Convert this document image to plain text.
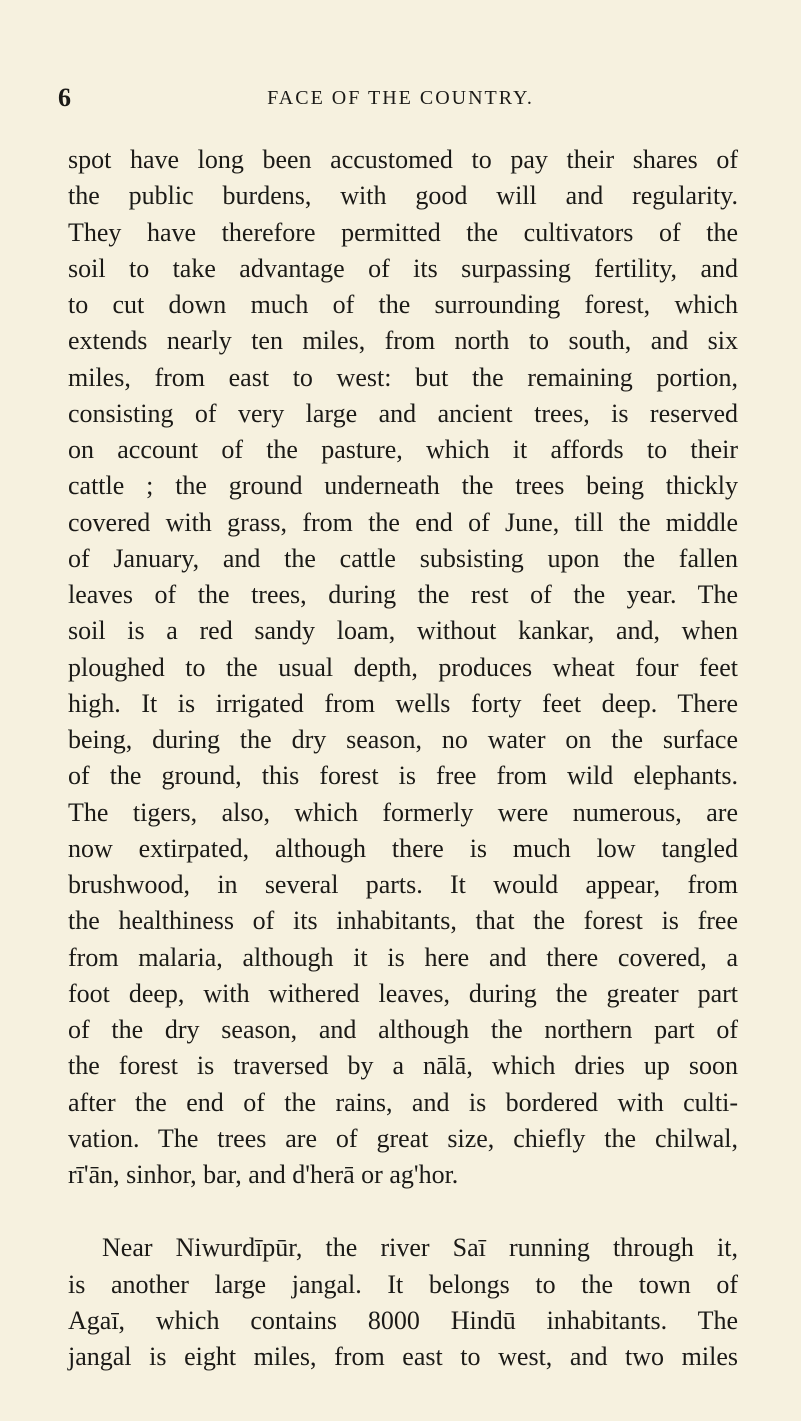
6	FACE OF THE COUNTRY.
spot have long been accustomed to pay their shares of
the public burdens, with good will and regularity.
They have therefore permitted the cultivators of the
soil to take advantage of its surpassing fertility, and
to cut down much of the surrounding forest, which
extends nearly ten miles, from north to south, and six
miles, from east to west: but the remaining portion,
consisting of very large and ancient trees, is reserved
on account of the pasture, which it affords to their
cattle ; the ground underneath the trees being thickly
covered with grass, from the end of June, till the middle
of January, and the cattle subsisting upon the fallen
leaves of the trees, during the rest of the year. The
soil is a red sandy loam, without kankar, and, when
ploughed to the usual depth, produces wheat four feet
high. It is irrigated from wells forty feet deep. There
being, during the dry season, no water on the surface
of the ground, this forest is free from wild elephants.
The tigers, also, which formerly were numerous, are
now extirpated, although there is much low tangled
brushwood, in several parts. It would appear, from
the healthiness of its inhabitants, that the forest is free
from malaria, although it is here and there covered, a
foot deep, with withered leaves, during the greater part
of the dry season, and although the northern part of
the forest is traversed by a nālā, which dries up soon
after the end of the rains, and is bordered with culti-
vation. The trees are of great size, chiefly the chilwal,
rī'ān, sinhor, bar, and d'herā or ag'hor.
Near Niwurdīpūr, the river Saī running through it,
is another large jangal. It belongs to the town of
Agaī, which contains 8000 Hindū inhabitants. The
jangal is eight miles, from east to west, and two miles
